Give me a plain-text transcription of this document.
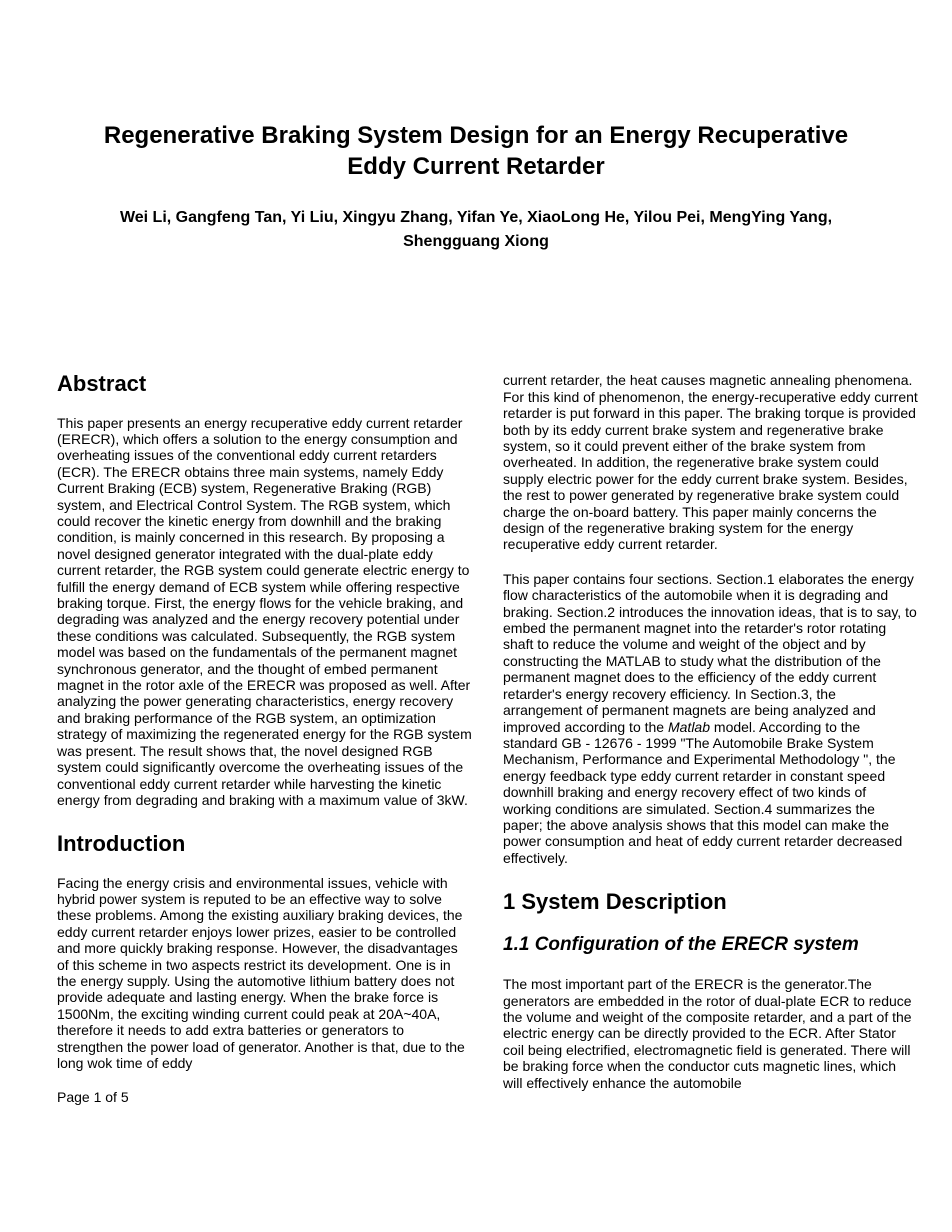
Regenerative Braking System Design for an Energy Recuperative Eddy Current Retarder
Wei Li, Gangfeng Tan, Yi Liu, Xingyu Zhang, Yifan Ye, XiaoLong He, Yilou Pei, MengYing Yang, Shengguang Xiong
Abstract

This paper presents an energy recuperative eddy current retarder (ERECR), which offers a solution to the energy consumption and overheating issues of the conventional eddy current retarders (ECR). The ERECR obtains three main systems, namely Eddy Current Braking (ECB) system, Regenerative Braking (RGB) system, and Electrical Control System. The RGB system, which could recover the kinetic energy from downhill and the braking condition, is mainly concerned in this research. By proposing a novel designed generator integrated with the dual-plate eddy current retarder, the RGB system could generate electric energy to fulfill the energy demand of ECB system while offering respective braking torque. First, the energy flows for the vehicle braking, and degrading was analyzed and the energy recovery potential under these conditions was calculated. Subsequently, the RGB system model was based on the fundamentals of the permanent magnet synchronous generator, and the thought of embed permanent magnet in the rotor axle of the ERECR was proposed as well. After analyzing the power generating characteristics, energy recovery and braking performance of the RGB system, an optimization strategy of maximizing the regenerated energy for the RGB system was present. The result shows that, the novel designed RGB system could significantly overcome the overheating issues of the conventional eddy current retarder while harvesting the kinetic energy from degrading and braking with a maximum value of 3kW.

Introduction

Facing the energy crisis and environmental issues, vehicle with hybrid power system is reputed to be an effective way to solve these problems. Among the existing auxiliary braking devices, the eddy current retarder enjoys lower prizes, easier to be controlled and more quickly braking response. However, the disadvantages of this scheme in two aspects restrict its development. One is in the energy supply. Using the automotive lithium battery does not provide adequate and lasting energy. When the brake force is 1500Nm, the exciting winding current could peak at 20A~40A, therefore it needs to add extra batteries or generators to strengthen the power load of generator. Another is that, due to the long wok time of eddy

Page 1 of 5

current retarder, the heat causes magnetic annealing phenomena. For this kind of phenomenon, the energy-recuperative eddy current retarder is put forward in this paper. The braking torque is provided both by its eddy current brake system and regenerative brake system, so it could prevent either of the brake system from overheated. In addition, the regenerative brake system could supply electric power for the eddy current brake system. Besides, the rest to power generated by regenerative brake system could charge the on-board battery. This paper mainly concerns the design of the regenerative braking system for the energy recuperative eddy current retarder.

This paper contains four sections. Section.1 elaborates the energy flow characteristics of the automobile when it is degrading and braking. Section.2 introduces the innovation ideas, that is to say, to embed the permanent magnet into the retarder's rotor rotating shaft to reduce the volume and weight of the object and by constructing the MATLAB to study what the distribution of the permanent magnet does to the efficiency of the eddy current retarder's energy recovery efficiency. In Section.3, the arrangement of permanent magnets are being analyzed and improved according to the Matlab model. According to the standard GB - 12676 - 1999 "The Automobile Brake System Mechanism, Performance and Experimental Methodology ", the energy feedback type eddy current retarder in constant speed downhill braking and energy recovery effect of two kinds of working conditions are simulated. Section.4 summarizes the paper; the above analysis shows that this model can make the power consumption and heat of eddy current retarder decreased effectively.

1 System Description
1.1 Configuration of the ERECR system

The most important part of the ERECR is the generator.The generators are embedded in the rotor of dual-plate ECR to reduce the volume and weight of the composite retarder, and a part of the electric energy can be directly provided to the ECR. After Stator coil being electrified, electromagnetic field is generated. There will be braking force when the conductor cuts magnetic lines, which will effectively enhance the automobile
